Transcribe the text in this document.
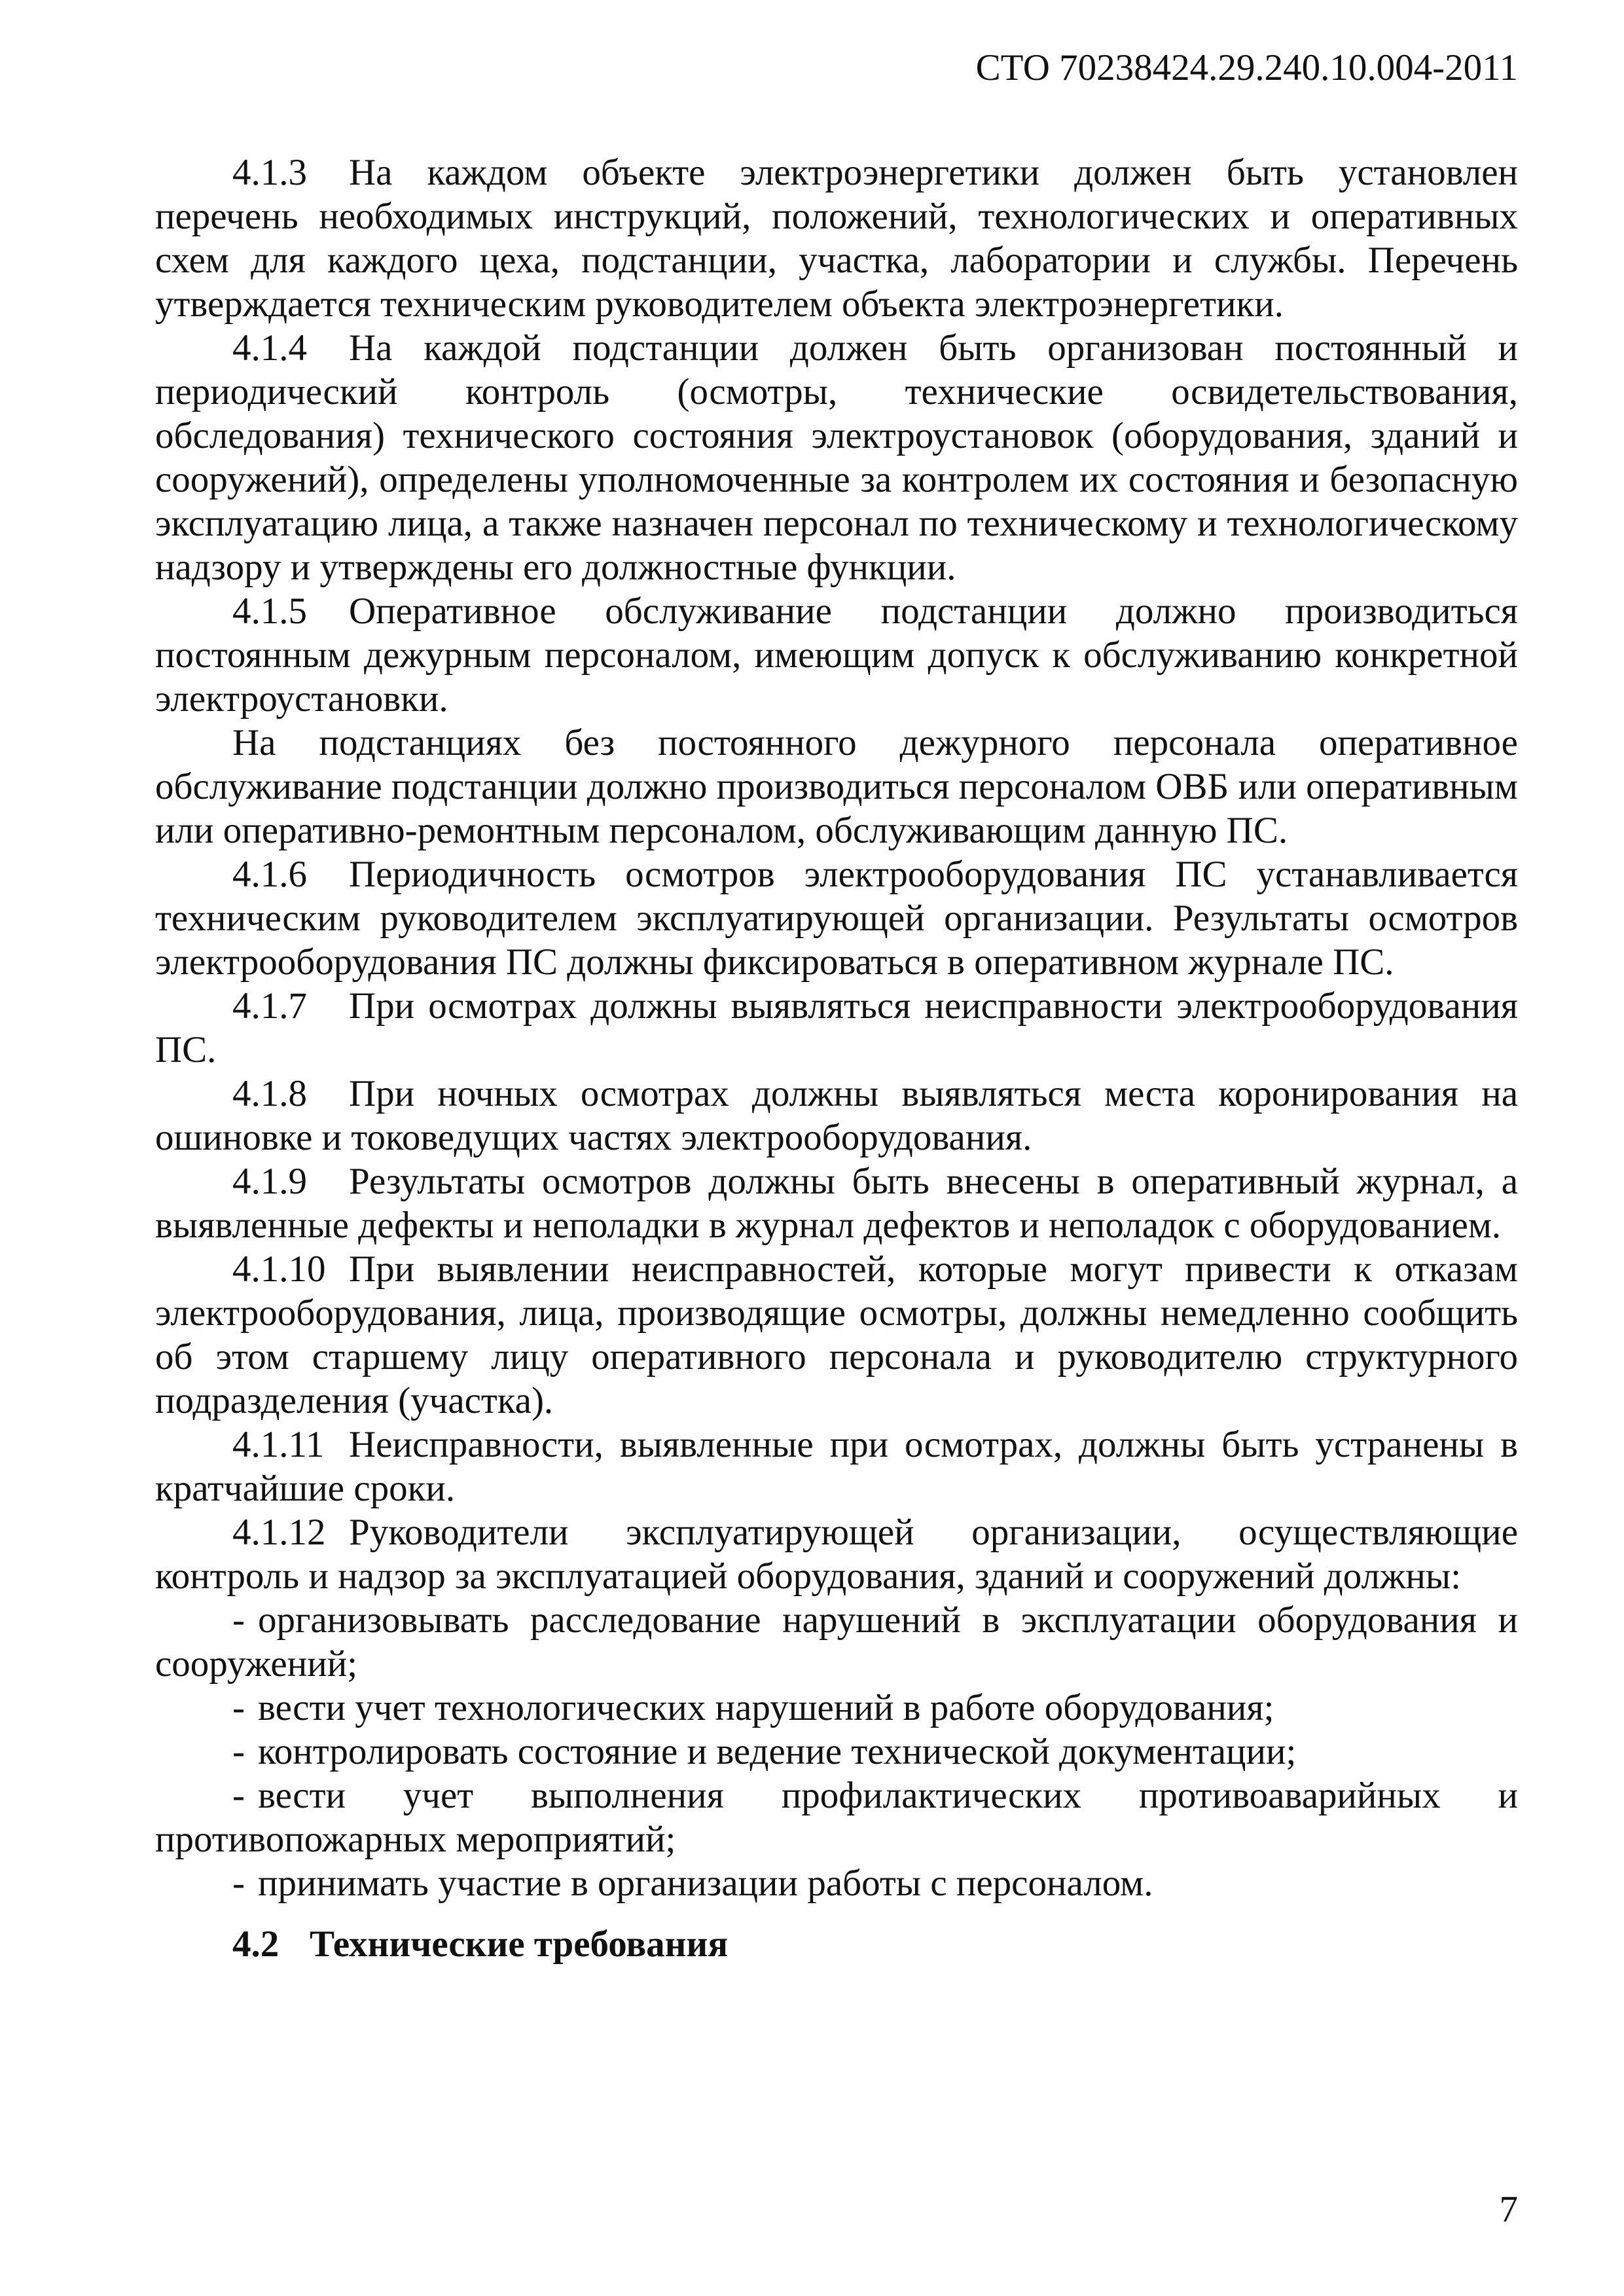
СТО 70238424.29.240.10.004-2011

4.1.3 На каждом объекте электроэнергетики должен быть установлен перечень необходимых инструкций, положений, технологических и оперативных схем для каждого цеха, подстанции, участка, лаборатории и службы. Перечень утверждается техническим руководителем объекта электроэнергетики.

4.1.4 На каждой подстанции должен быть организован постоянный и периодический контроль (осмотры, технические освидетельствования, обследования) технического состояния электроустановок (оборудования, зданий и сооружений), определены уполномоченные за контролем их состояния и безопасную эксплуатацию лица, а также назначен персонал по техническому и технологическому надзору и утверждены его должностные функции.

4.1.5 Оперативное обслуживание подстанции должно производиться постоянным дежурным персоналом, имеющим допуск к обслуживанию конкретной электроустановки.

На подстанциях без постоянного дежурного персонала оперативное обслуживание подстанции должно производиться персоналом ОВБ или оперативным или оперативно-ремонтным персоналом, обслуживающим данную ПС.

4.1.6 Периодичность осмотров электрооборудования ПС устанавливается техническим руководителем эксплуатирующей организации. Результаты осмотров электрооборудования ПС должны фиксироваться в оперативном журнале ПС.

4.1.7 При осмотрах должны выявляться неисправности электрооборудования ПС.

4.1.8 При ночных осмотрах должны выявляться места коронирования на ошиновке и токоведущих частях электрооборудования.

4.1.9 Результаты осмотров должны быть внесены в оперативный журнал, а выявленные дефекты и неполадки в журнал дефектов и неполадок с оборудованием.

4.1.10 При выявлении неисправностей, которые могут привести к отказам электрооборудования, лица, производящие осмотры, должны немедленно сообщить об этом старшему лицу оперативного персонала и руководителю структурного подразделения (участка).

4.1.11 Неисправности, выявленные при осмотрах, должны быть устранены в кратчайшие сроки.

4.1.12 Руководители эксплуатирующей организации, осуществляющие контроль и надзор за эксплуатацией оборудования, зданий и сооружений должны:

- организовывать расследование нарушений в эксплуатации оборудования и сооружений;

- вести учет технологических нарушений в работе оборудования;

- контролировать состояние и ведение технической документации;

- вести учет выполнения профилактических противоаварийных и противопожарных мероприятий;

- принимать участие в организации работы с персоналом.

4.2 Технические требования
7
